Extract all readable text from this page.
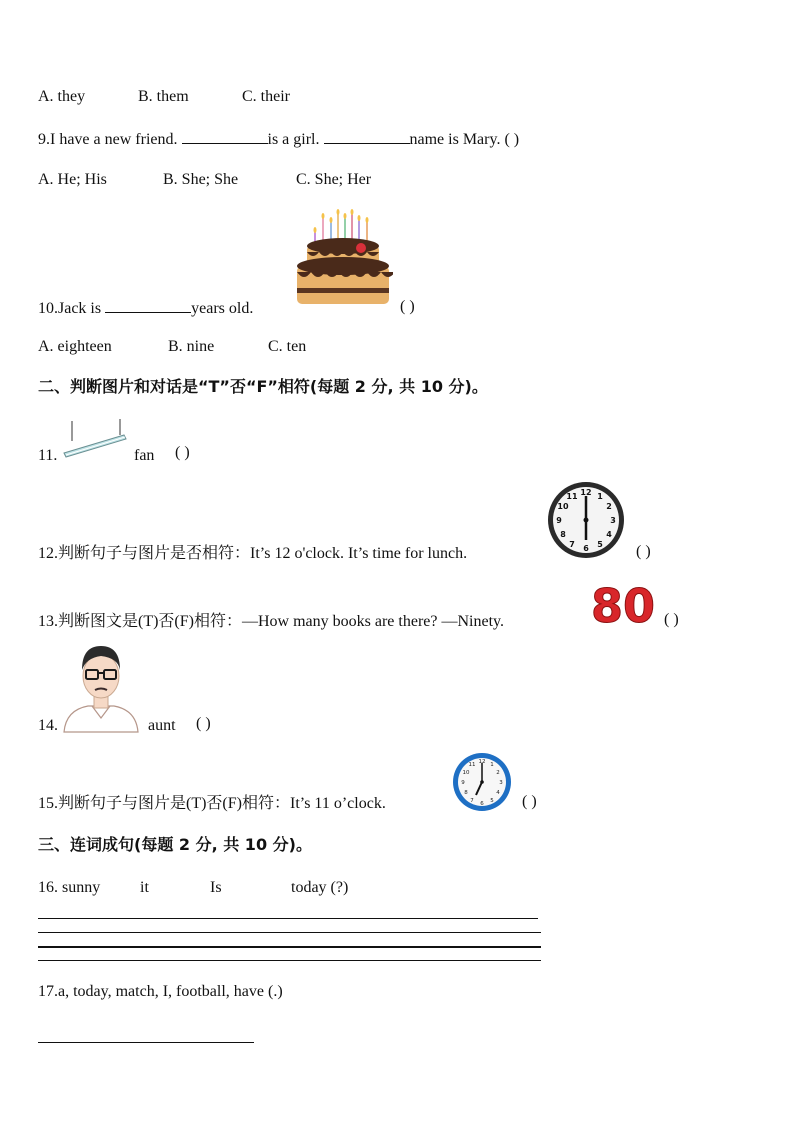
A. they	B. them	C. their
9.I have a new friend.	is a girl.	name is Mary. ( )
A. He; His	B. She; She	C. She; Her
10.Jack is	years old.	( )
A. eighteen	B. nine	C. ten
二、判断图片和对话是“T”否“F”相符(每题 2 分, 共 10 分)。
11.	fan ( )
12
3
6
9
1
2
4
5
7
8
10
11
12.判断句子与图片是否相符：It’s 12 o'clock. It’s time for lunch.	( )
80
13.判断图文是(T)否(F)相符：—How many books are there? —Ninety.	( )
14.	aunt ( )
12
3
6
9
1
2
4
5
7
8
10
11
15.判断句子与图片是(T)否(F)相符：It’s 11 o’clock.	( )
三、连词成句(每题 2 分, 共 10 分)。
16. sunny it	Is	today (?)
17.a, today, match, I, football, have (.)
